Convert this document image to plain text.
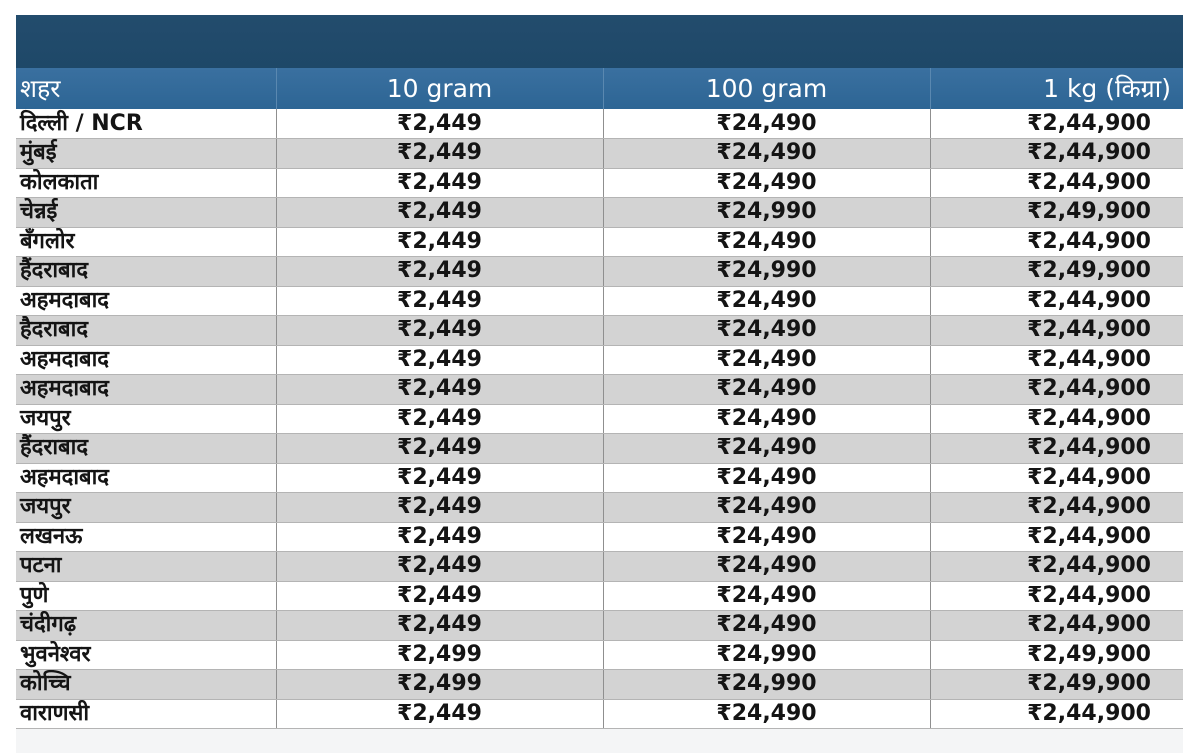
शहर	10 gram	100 gram	1 kg (किग्रा)
दिल्ली / NCR	₹2,449	₹24,490	₹2,44,900
मुंबई	₹2,449	₹24,490	₹2,44,900
कोलकाता	₹2,449	₹24,490	₹2,44,900
चेन्नई	₹2,449	₹24,990	₹2,49,900
बँगलोर	₹2,449	₹24,490	₹2,44,900
हैंदराबाद	₹2,449	₹24,990	₹2,49,900
अहमदाबाद	₹2,449	₹24,490	₹2,44,900
हैदराबाद	₹2,449	₹24,490	₹2,44,900
अहमदाबाद	₹2,449	₹24,490	₹2,44,900
अहमदाबाद	₹2,449	₹24,490	₹2,44,900
जयपुर	₹2,449	₹24,490	₹2,44,900
हैंदराबाद	₹2,449	₹24,490	₹2,44,900
अहमदाबाद	₹2,449	₹24,490	₹2,44,900
जयपुर	₹2,449	₹24,490	₹2,44,900
लखनऊ	₹2,449	₹24,490	₹2,44,900
पटना	₹2,449	₹24,490	₹2,44,900
पुणे	₹2,449	₹24,490	₹2,44,900
चंदीगढ़	₹2,449	₹24,490	₹2,44,900
भुवनेश्वर	₹2,499	₹24,990	₹2,49,900
कोच्चि	₹2,499	₹24,990	₹2,49,900
वाराणसी	₹2,449	₹24,490	₹2,44,900
